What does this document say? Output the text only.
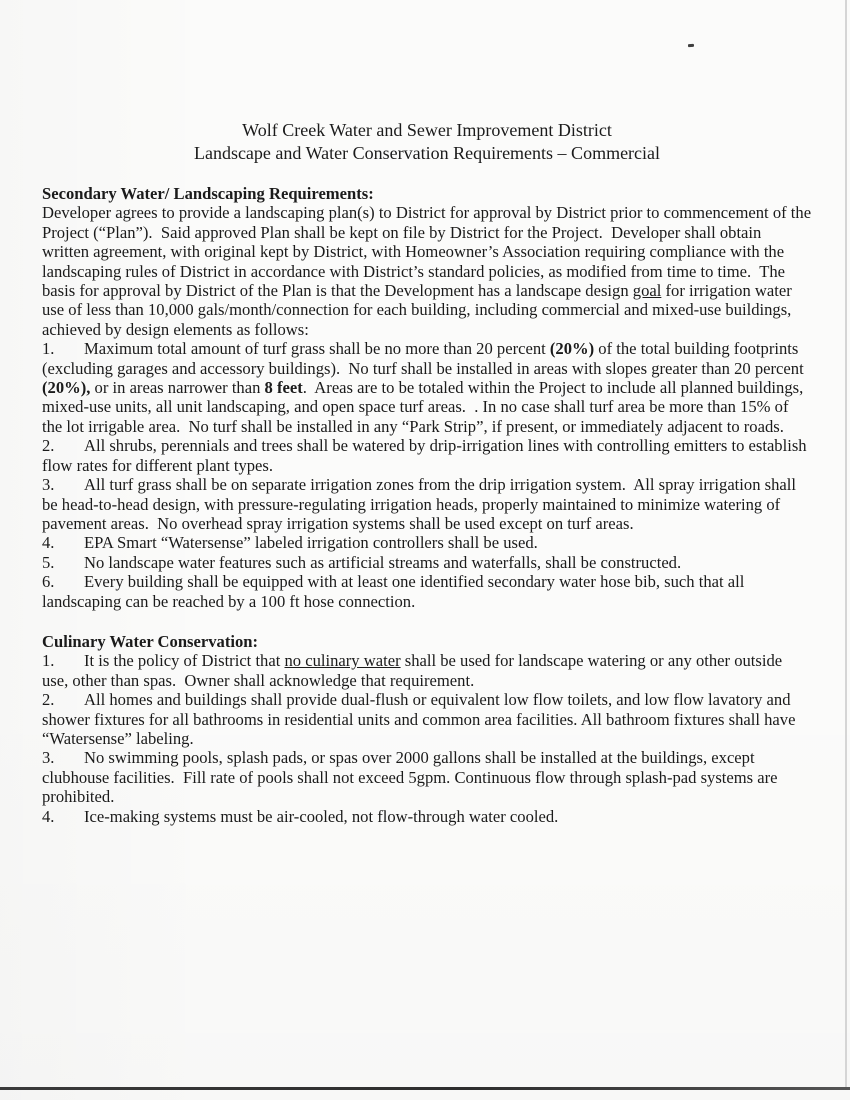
Wolf Creek Water and Sewer Improvement District
Landscape and Water Conservation Requirements – Commercial
Secondary Water/ Landscaping Requirements:

Developer agrees to provide a landscaping plan(s) to District for approval by District prior to commencement of the Project (“Plan”).  Said approved Plan shall be kept on file by District for the Project.  Developer shall obtain written agreement, with original kept by District, with Homeowner’s Association requiring compliance with the landscaping rules of District in accordance with District’s standard policies, as modified from time to time.  The basis for approval by District of the Plan is that the Development has a landscape design goal for irrigation water use of less than 10,000 gals/month/connection for each building, including commercial and mixed-use buildings, achieved by design elements as follows:

1. Maximum total amount of turf grass shall be no more than 20 percent (20%) of the total building footprints (excluding garages and accessory buildings).  No turf shall be installed in areas with slopes greater than 20 percent (20%), or in areas narrower than 8 feet.  Areas are to be totaled within the Project to include all planned buildings, mixed-use units, all unit landscaping, and open space turf areas.  . In no case shall turf area be more than 15% of the lot irrigable area.  No turf shall be installed in any “Park Strip”, if present, or immediately adjacent to roads.

2. All shrubs, perennials and trees shall be watered by drip-irrigation lines with controlling emitters to establish flow rates for different plant types.

3. All turf grass shall be on separate irrigation zones from the drip irrigation system.  All spray irrigation shall be head-to-head design, with pressure-regulating irrigation heads, properly maintained to minimize watering of pavement areas.  No overhead spray irrigation systems shall be used except on turf areas.

4. EPA Smart “Watersense” labeled irrigation controllers shall be used.

5. No landscape water features such as artificial streams and waterfalls, shall be constructed.

6. Every building shall be equipped with at least one identified secondary water hose bib, such that all landscaping can be reached by a 100 ft hose connection.

Culinary Water Conservation:

1. It is the policy of District that no culinary water shall be used for landscape watering or any other outside use, other than spas.  Owner shall acknowledge that requirement.

2. All homes and buildings shall provide dual-flush or equivalent low flow toilets, and low flow lavatory and shower fixtures for all bathrooms in residential units and common area facilities. All bathroom fixtures shall have “Watersense” labeling.

3. No swimming pools, splash pads, or spas over 2000 gallons shall be installed at the buildings, except clubhouse facilities.  Fill rate of pools shall not exceed 5gpm. Continuous flow through splash-pad systems are prohibited.

4. Ice-making systems must be air-cooled, not flow-through water cooled.
